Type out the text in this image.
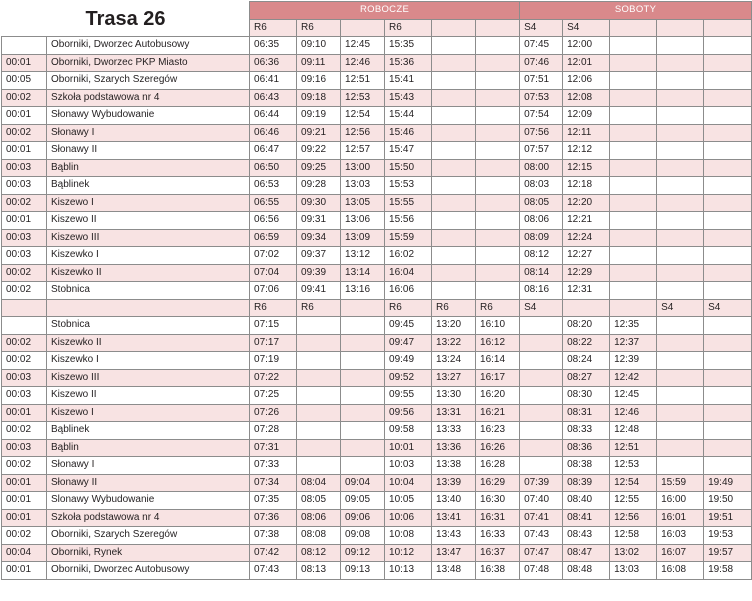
Trasa 26		ROBOCZE						SOBOTY				
		R6	R6		R6			S4	S4			
	Oborniki, Dworzec Autobusowy	06:35	09:10	12:45	15:35			07:45	12:00			
00:01	Oborniki, Dworzec PKP Miasto	06:36	09:11	12:46	15:36			07:46	12:01			
00:05	Oborniki, Szarych Szeregów	06:41	09:16	12:51	15:41			07:51	12:06			
00:02	Szkoła podstawowa nr 4	06:43	09:18	12:53	15:43			07:53	12:08			
00:01	Słonawy Wybudowanie	06:44	09:19	12:54	15:44			07:54	12:09			
00:02	Słonawy I	06:46	09:21	12:56	15:46			07:56	12:11			
00:01	Słonawy II	06:47	09:22	12:57	15:47			07:57	12:12			
00:03	Bąblin	06:50	09:25	13:00	15:50			08:00	12:15			
00:03	Bąblinek	06:53	09:28	13:03	15:53			08:03	12:18			
00:02	Kiszewo I	06:55	09:30	13:05	15:55			08:05	12:20			
00:01	Kiszewo II	06:56	09:31	13:06	15:56			08:06	12:21			
00:03	Kiszewo III	06:59	09:34	13:09	15:59			08:09	12:24			
00:03	Kiszewko I	07:02	09:37	13:12	16:02			08:12	12:27			
00:02	Kiszewko II	07:04	09:39	13:14	16:04			08:14	12:29			
00:02	Stobnica	07:06	09:41	13:16	16:06			08:16	12:31			
		R6	R6		R6	R6	R6	S4			S4	S4
	Stobnica	07:15			09:45	13:20	16:10		08:20	12:35		
00:02	Kiszewko II	07:17			09:47	13:22	16:12		08:22	12:37		
00:02	Kiszewko I	07:19			09:49	13:24	16:14		08:24	12:39		
00:03	Kiszewo III	07:22			09:52	13:27	16:17		08:27	12:42		
00:03	Kiszewo II	07:25			09:55	13:30	16:20		08:30	12:45		
00:01	Kiszewo I	07:26			09:56	13:31	16:21		08:31	12:46		
00:02	Bąblinek	07:28			09:58	13:33	16:23		08:33	12:48		
00:03	Bąblin	07:31			10:01	13:36	16:26		08:36	12:51		
00:02	Słonawy I	07:33			10:03	13:38	16:28		08:38	12:53		
00:01	Słonawy II	07:34	08:04	09:04	10:04	13:39	16:29	07:39	08:39	12:54	15:59	19:49
00:01	Slonawy Wybudowanie	07:35	08:05	09:05	10:05	13:40	16:30	07:40	08:40	12:55	16:00	19:50
00:01	Szkoła podstawowa nr 4	07:36	08:06	09:06	10:06	13:41	16:31	07:41	08:41	12:56	16:01	19:51
00:02	Oborniki, Szarych Szeregów	07:38	08:08	09:08	10:08	13:43	16:33	07:43	08:43	12:58	16:03	19:53
00:04	Oborniki, Rynek	07:42	08:12	09:12	10:12	13:47	16:37	07:47	08:47	13:02	16:07	19:57
00:01	Oborniki, Dworzec Autobusowy	07:43	08:13	09:13	10:13	13:48	16:38	07:48	08:48	13:03	16:08	19:58
